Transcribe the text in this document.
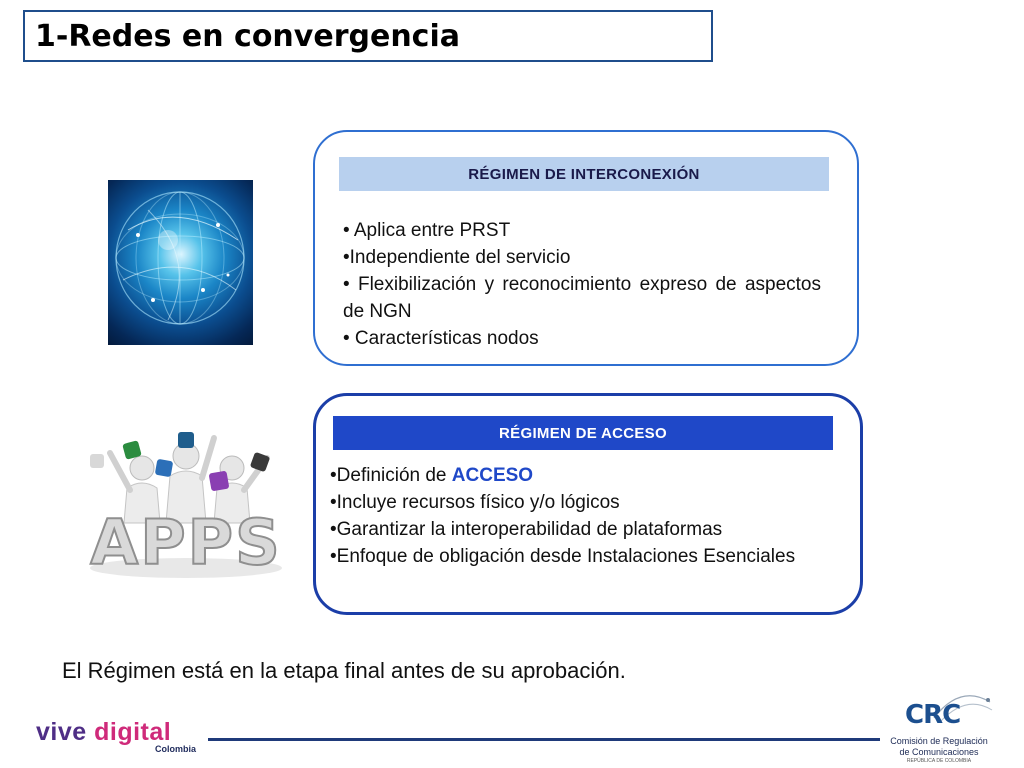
1-Redes en convergencia
APPS
RÉGIMEN DE INTERCONEXIÓN
• Aplica entre PRST
•Independiente del servicio
• Flexibilización y reconocimiento expreso de aspectos de NGN
• Características nodos
RÉGIMEN DE ACCESO
•Definición de ACCESO
•Incluye recursos físico y/o lógicos
•Garantizar la interoperabilidad de plataformas
•Enfoque de obligación desde Instalaciones Esenciales
El Régimen está en la etapa final antes de su aprobación.
vive digital
Colombia
CRC
Comisión de Regulación
de Comunicaciones
REPÚBLICA DE COLOMBIA
